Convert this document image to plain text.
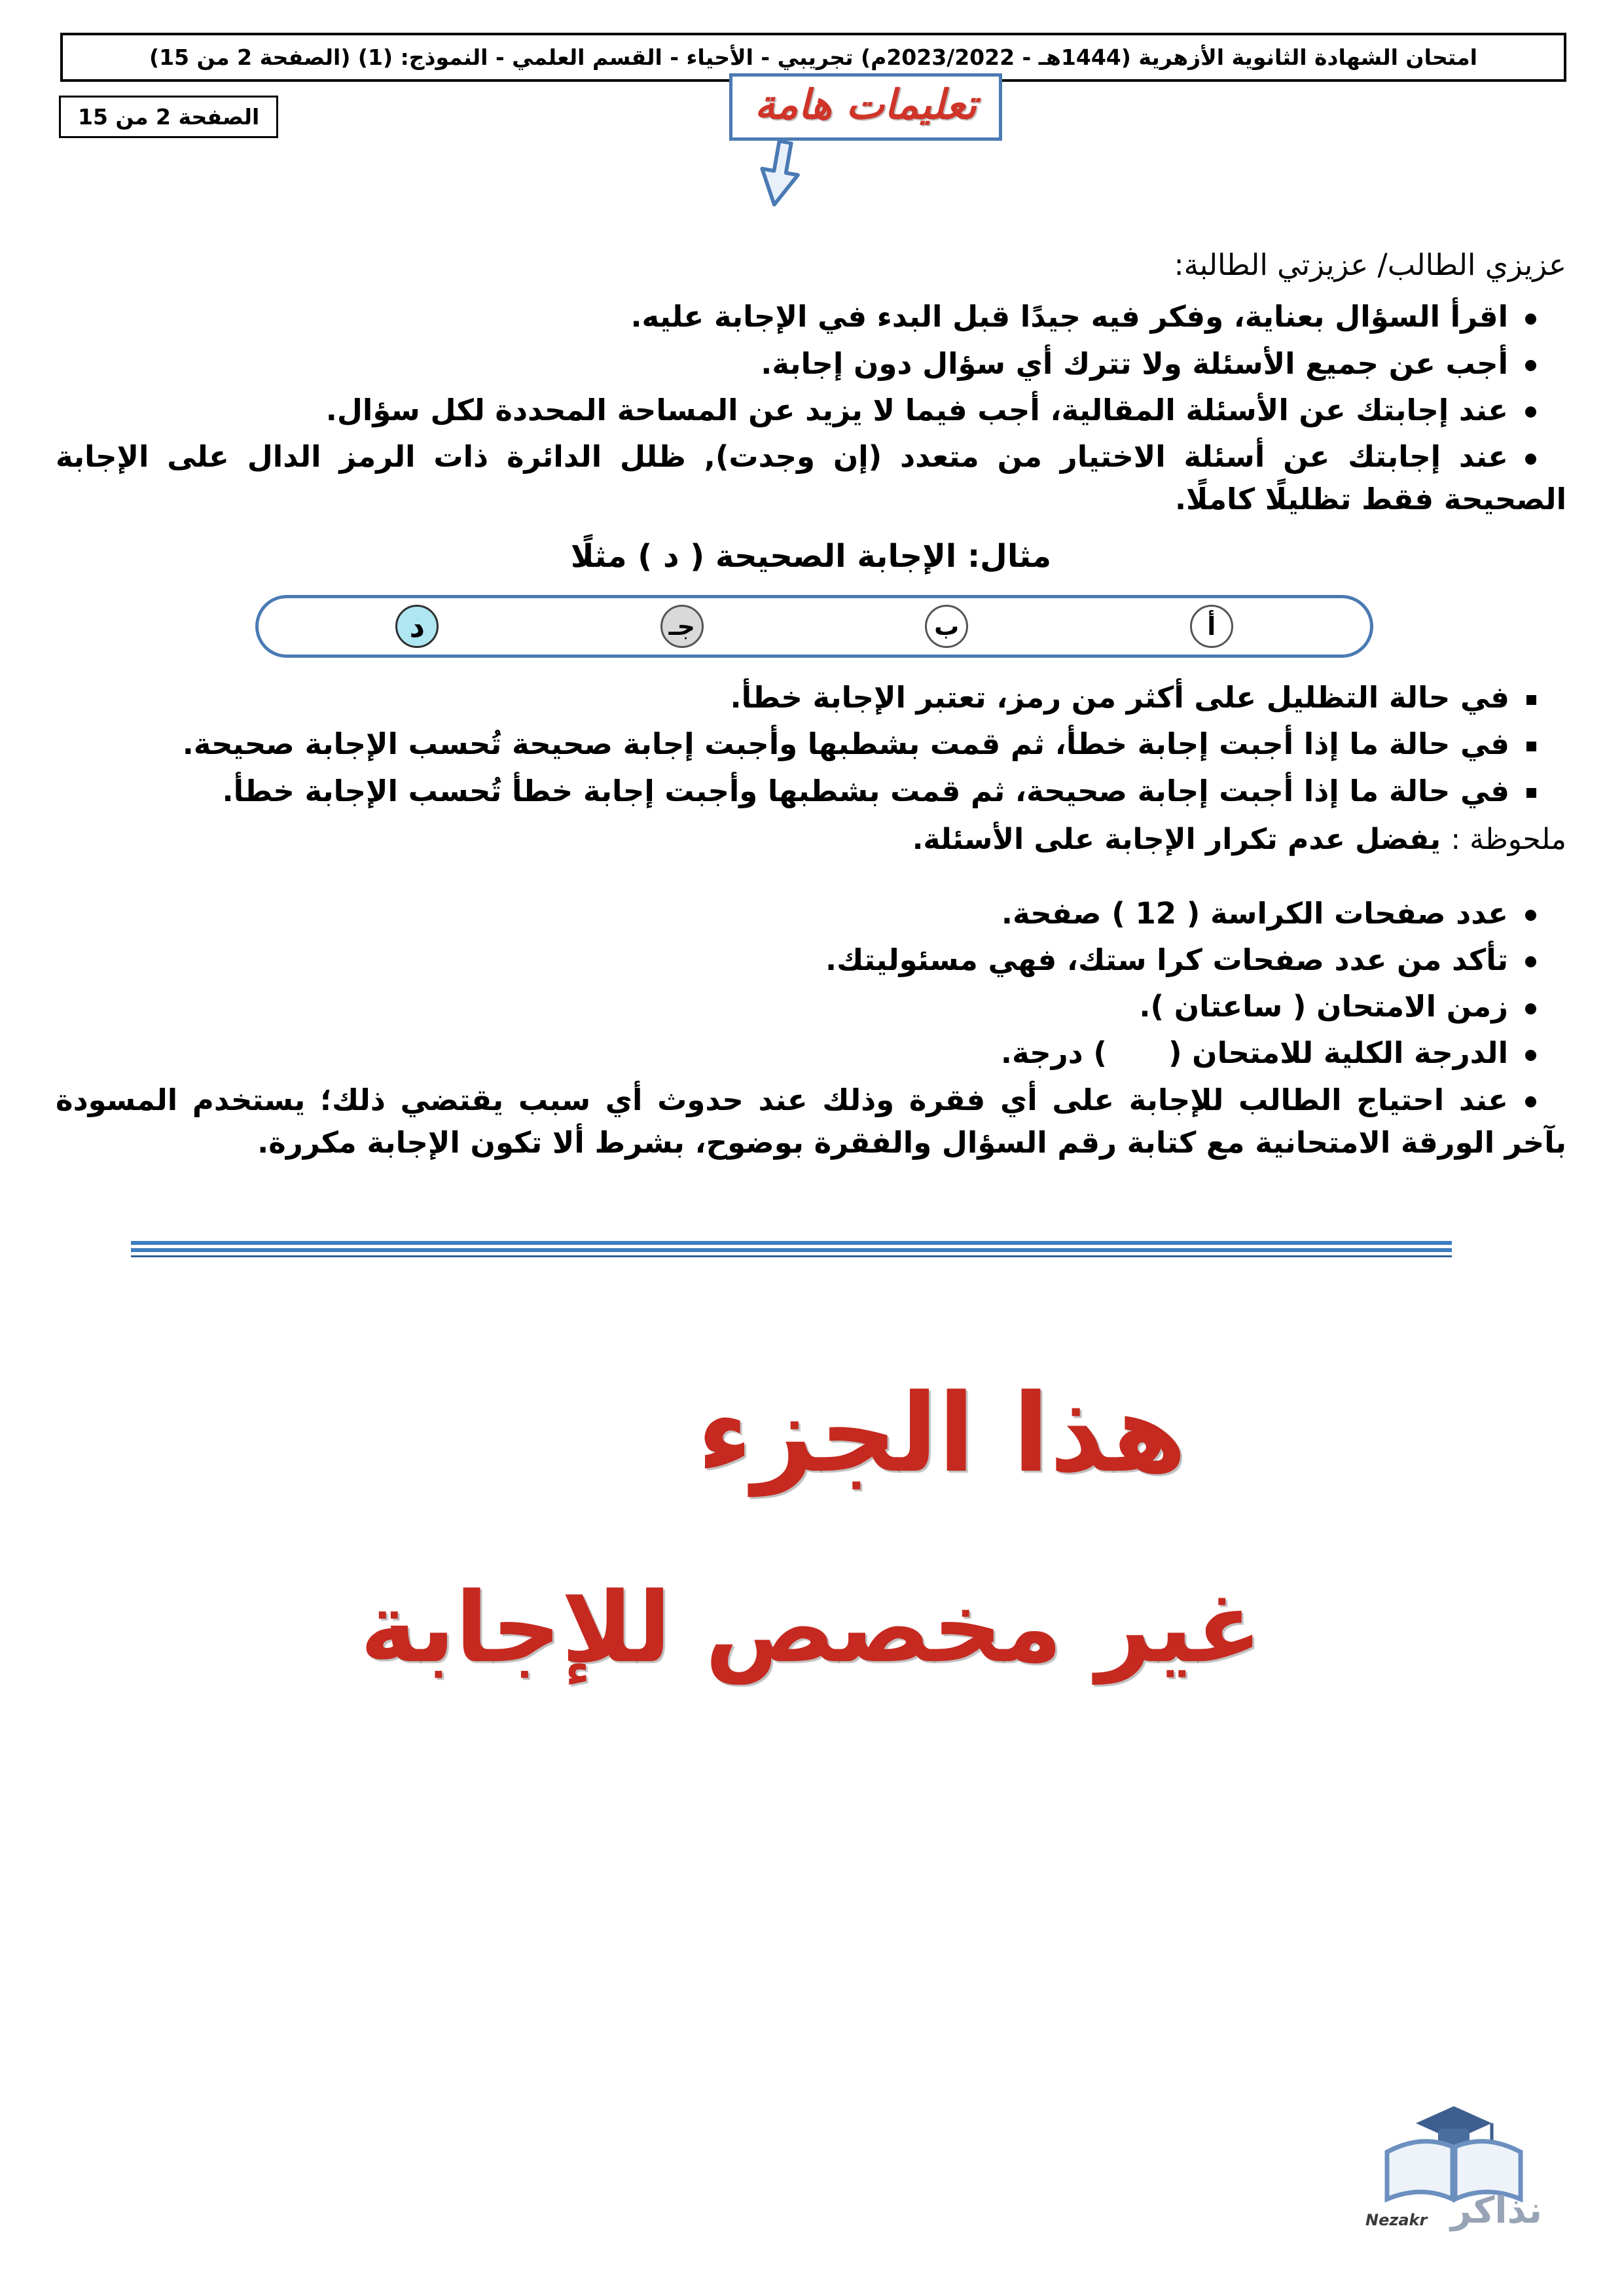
امتحان الشهادة الثانوية الأزهرية (1444هـ - 2023/2022م) تجريبي - الأحياء - القسم العلمي - النموذج: (1) (الصفحة 2 من 15)
الصفحة 2 من 15	تعليمات هامة
عزيزي الطالب/ عزيزتي الطالبة:
اقرأ السؤال بعناية، وفكر فيه جيدًا قبل البدء في الإجابة عليه.
أجب عن جميع الأسئلة ولا تترك أي سؤال دون إجابة.
عند إجابتك عن الأسئلة المقالية، أجب فيما لا يزيد عن المساحة المحددة لكل سؤال.
عند إجابتك عن أسئلة الاختيار من متعدد (إن وجدت), ظلل الدائرة ذات الرمز الدال على الإجابة الصحيحة فقط تظليلًا كاملًا.
مثال: الإجابة الصحيحة ( د ) مثلًا
أ
ب
جـ
د
في حالة التظليل على أكثر من رمز، تعتبر الإجابة خطأ.
في حالة ما إذا أجبت إجابة خطأ، ثم قمت بشطبها وأجبت إجابة صحيحة تُحسب الإجابة صحيحة.
في حالة ما إذا أجبت إجابة صحيحة، ثم قمت بشطبها وأجبت إجابة خطأ تُحسب الإجابة خطأ.
ملحوظة : يفضل عدم تكرار الإجابة على الأسئلة.
عدد صفحات الكراسة ( 12 ) صفحة.
تأكد من عدد صفحات كرا ستك، فهي مسئوليتك.
زمن الامتحان ( ساعتان ).
الدرجة الكلية للامتحان (      ) درجة.
عند احتياج الطالب للإجابة على أي فقرة وذلك عند حدوث أي سبب يقتضي ذلك؛ يستخدم المسودة بآخر الورقة الامتحانية مع كتابة رقم السؤال والفقرة بوضوح، بشرط ألا تكون الإجابة مكررة.
هذا الجزء
غير مخصص للإجابة
Nezakr نذاكر
